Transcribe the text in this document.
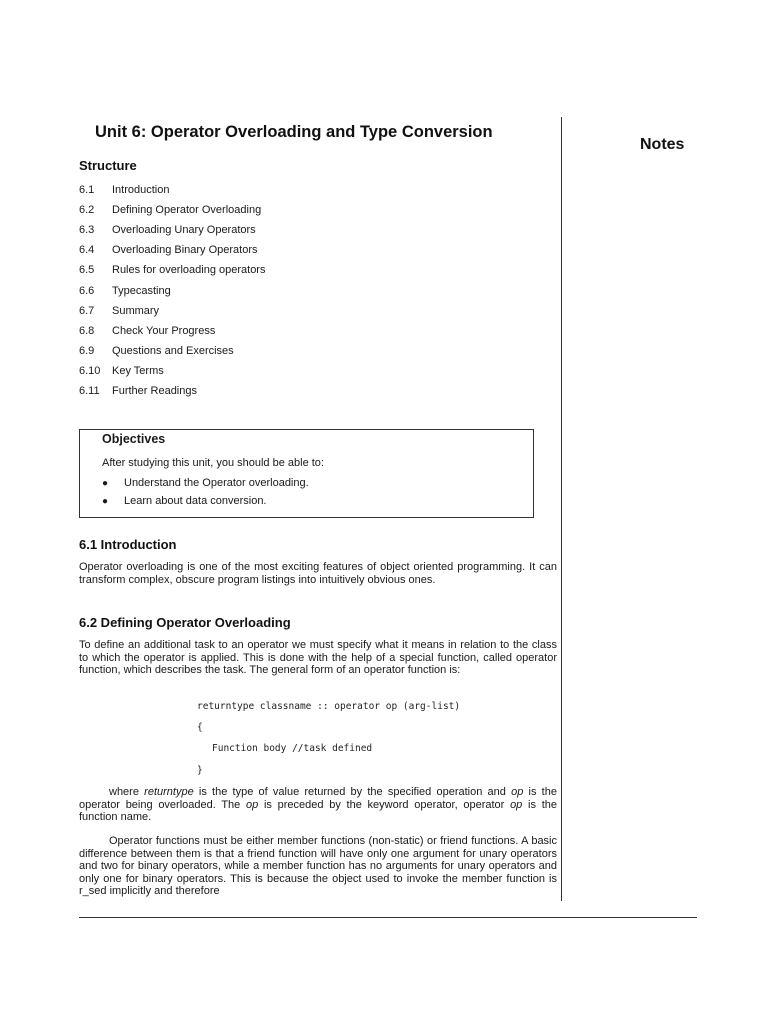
Unit 6: Operator Overloading and Type Conversion
Structure
6.1	Introduction
6.2	Defining Operator Overloading
6.3	Overloading Unary Operators
6.4	Overloading Binary Operators
6.5	Rules for overloading operators
6.6	Typecasting
6.7	Summary
6.8	Check Your Progress
6.9	Questions and Exercises
6.10	Key Terms
6.11	Further Readings
Objectives
After studying this unit, you should be able to:
●	Understand the Operator overloading.
●	Learn about data conversion.
6.1 Introduction

Operator overloading is one of the most exciting features of object oriented programming. It can transform complex, obscure program listings into intuitively obvious ones.

6.2 Defining Operator Overloading

To define an additional task to an operator we must specify what it means in relation to the class to which the operator is applied. This is done with the help of a special function, called operator function, which describes the task. The general form of an operator function is:

returntype classname :: operator op (arg-list)
{
Function body //task defined
}

where returntype is the type of value returned by the specified operation and op is the operator being overloaded. The op is preceded by the keyword operator, operator op is the function name.

Operator functions must be either member functions (non-static) or friend functions. A basic difference between them is that a friend function will have only one argument for unary operators and two for binary operators, while a member function has no arguments for unary operators and only one for binary operators. This is because the object used to invoke the member function is r_sed implicitly and therefore

Notes
